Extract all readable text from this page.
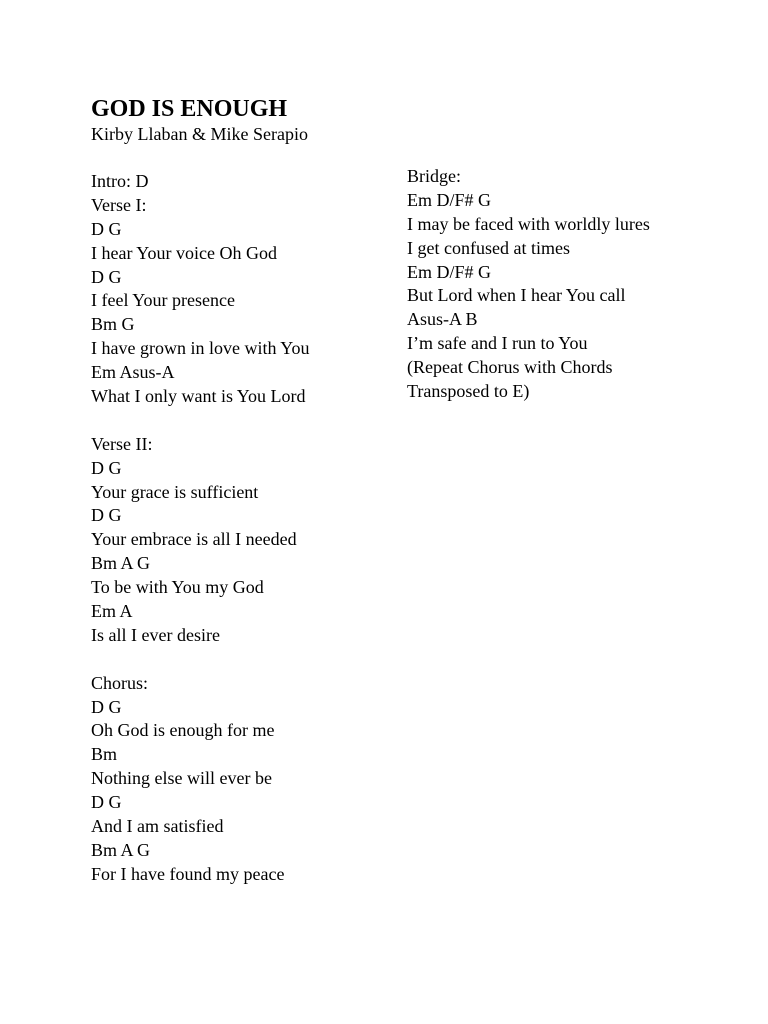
GOD IS ENOUGH
Kirby Llaban & Mike Serapio
Intro: D
Verse I:
D G
I hear Your voice Oh God
D G
I feel Your presence
Bm G
I have grown in love with You
Em Asus-A
What I only want is You Lord
Verse II:
D G
Your grace is sufficient
D G
Your embrace is all I needed
Bm A G
To be with You my God
Em A
Is all I ever desire
Chorus:
D G
Oh God is enough for me
Bm
Nothing else will ever be
D G
And I am satisfied
Bm A G
For I have found my peace
Bridge:
Em D/F# G
I may be faced with worldly lures
I get confused at times
Em D/F# G
But Lord when I hear You call
Asus-A B
I’m safe and I run to You
(Repeat Chorus with Chords
Transposed to E)
